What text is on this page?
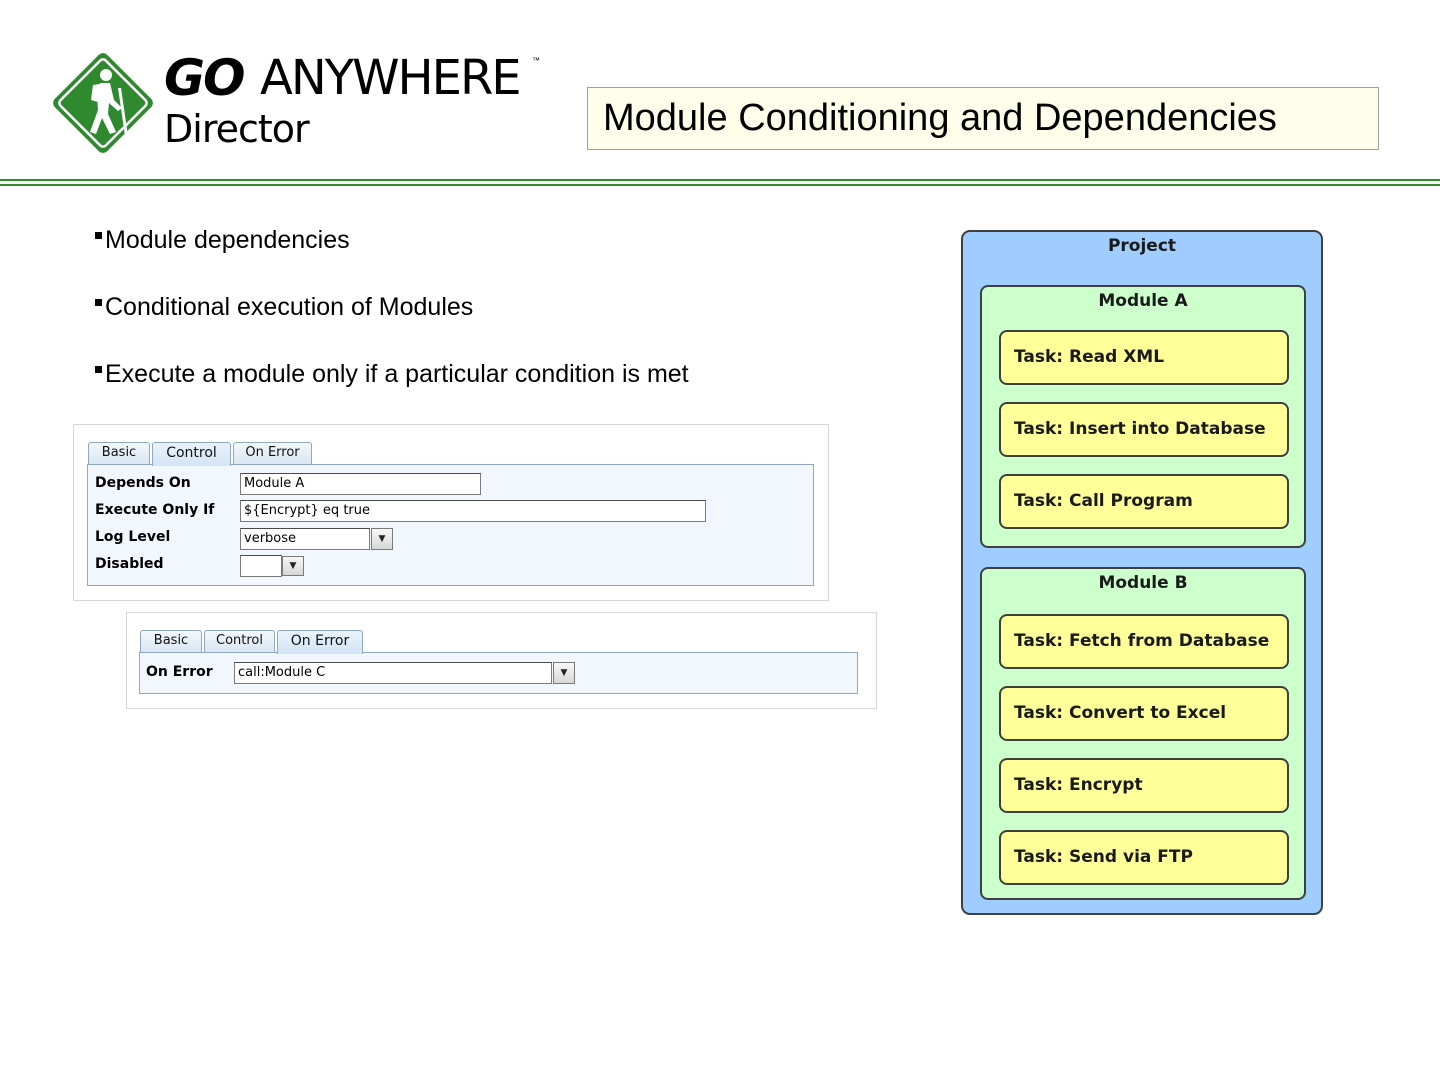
GO ANYWHERE ™
Director	Module Conditioning and Dependencies
Module dependencies
Conditional execution of Modules
Execute a module only if a particular condition is met
Basic	Control	On Error
Depends On	Module A
Execute Only If	${Encrypt} eq true
Log Level	verbose	▼
Disabled	▼
Basic	Control	On Error
On Error	call:Module C	▼
Project
Module A
Task: Read XML
Task: Insert into Database
Task: Call Program
Module B
Task: Fetch from Database
Task: Convert to Excel
Task: Encrypt
Task: Send via FTP
